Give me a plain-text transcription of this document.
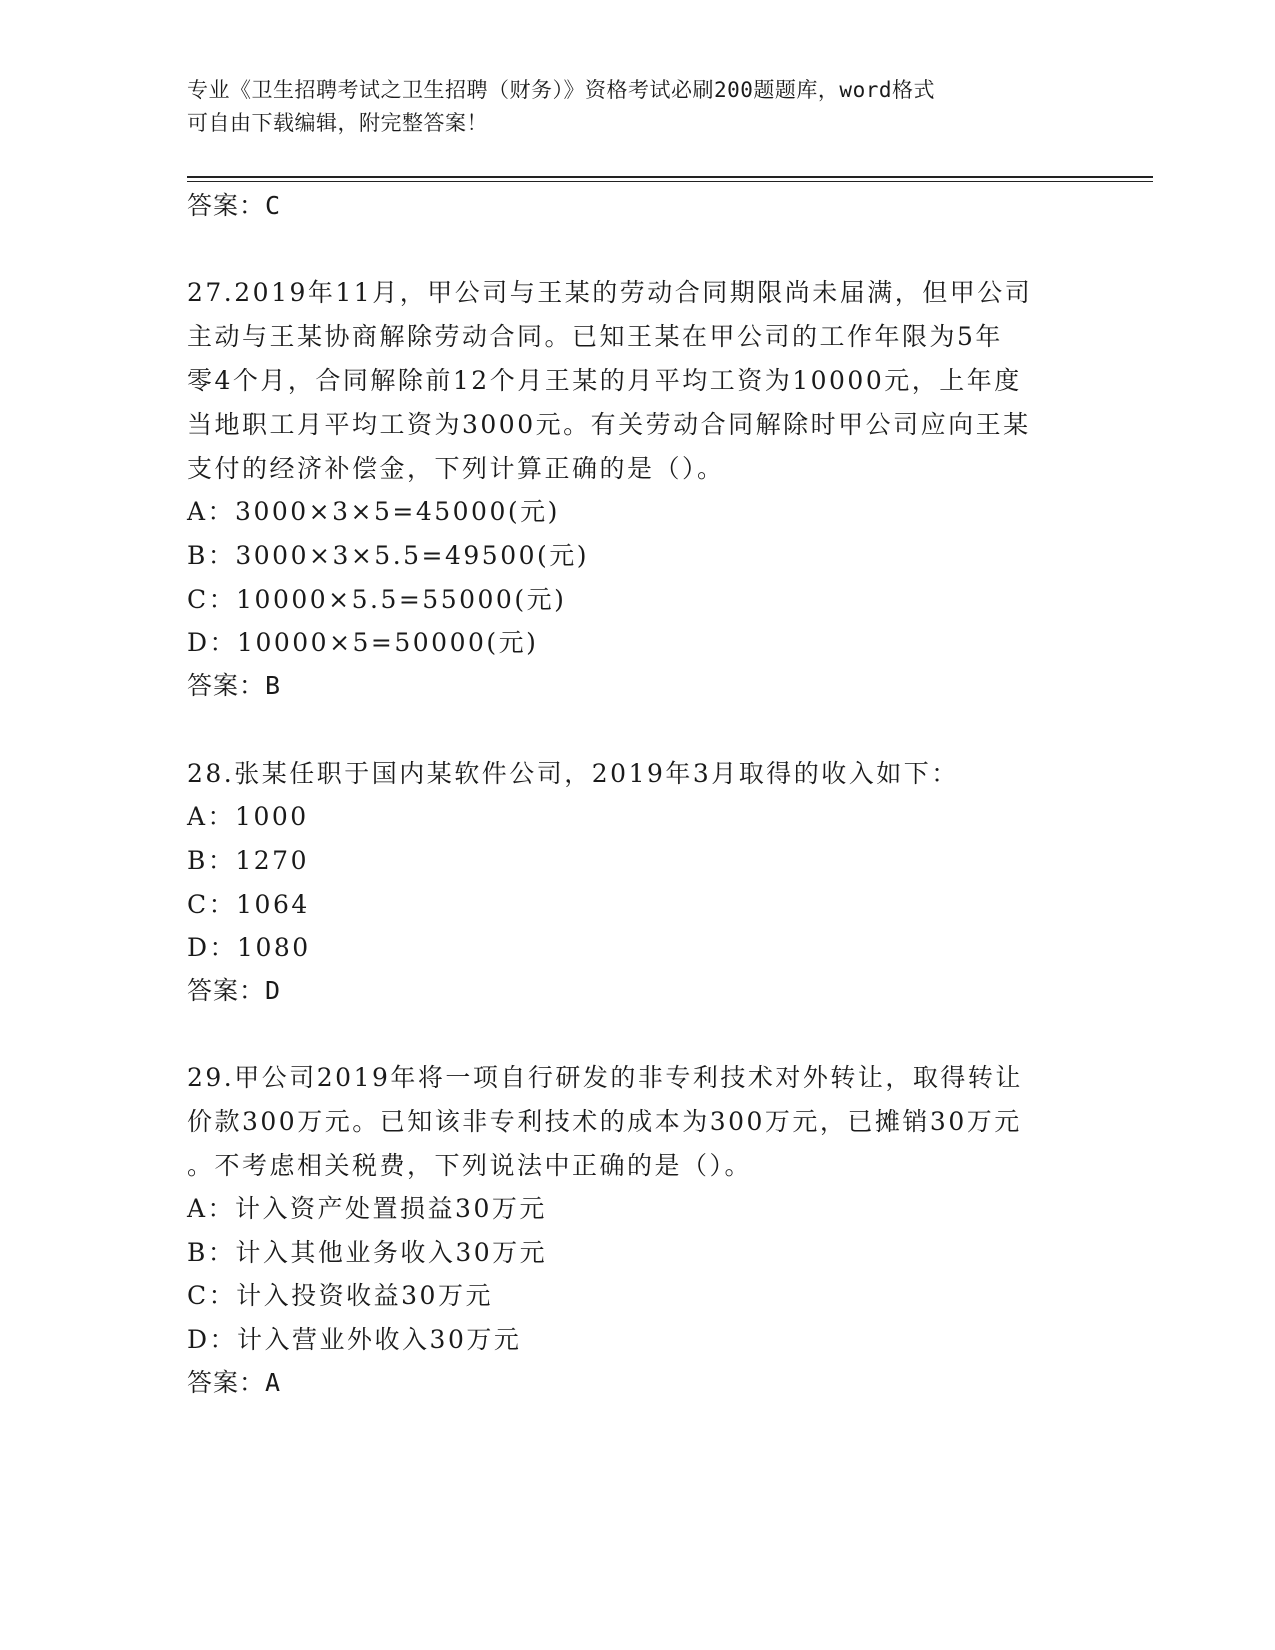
专业《卫生招聘考试之卫生招聘（财务）》资格考试必刷200题题库，word格式
可自由下载编辑，附完整答案！
答案：C
27.2019年11月，甲公司与王某的劳动合同期限尚未届满，但甲公司
主动与王某协商解除劳动合同。已知王某在甲公司的工作年限为5年
零4个月，合同解除前12个月王某的月平均工资为10000元，上年度
当地职工月平均工资为3000元。有关劳动合同解除时甲公司应向王某
支付的经济补偿金，下列计算正确的是（）。
A：3000×3×5=45000(元)
B：3000×3×5.5=49500(元)
C：10000×5.5=55000(元)
D：10000×5=50000(元)
答案：B
28.张某任职于国内某软件公司，2019年3月取得的收入如下：
A：1000
B：1270
C：1064
D：1080
答案：D
29.甲公司2019年将一项自行研发的非专利技术对外转让，取得转让
价款300万元。已知该非专利技术的成本为300万元，已摊销30万元
。不考虑相关税费，下列说法中正确的是（）。
A：计入资产处置损益30万元
B：计入其他业务收入30万元
C：计入投资收益30万元
D：计入营业外收入30万元
答案：A
